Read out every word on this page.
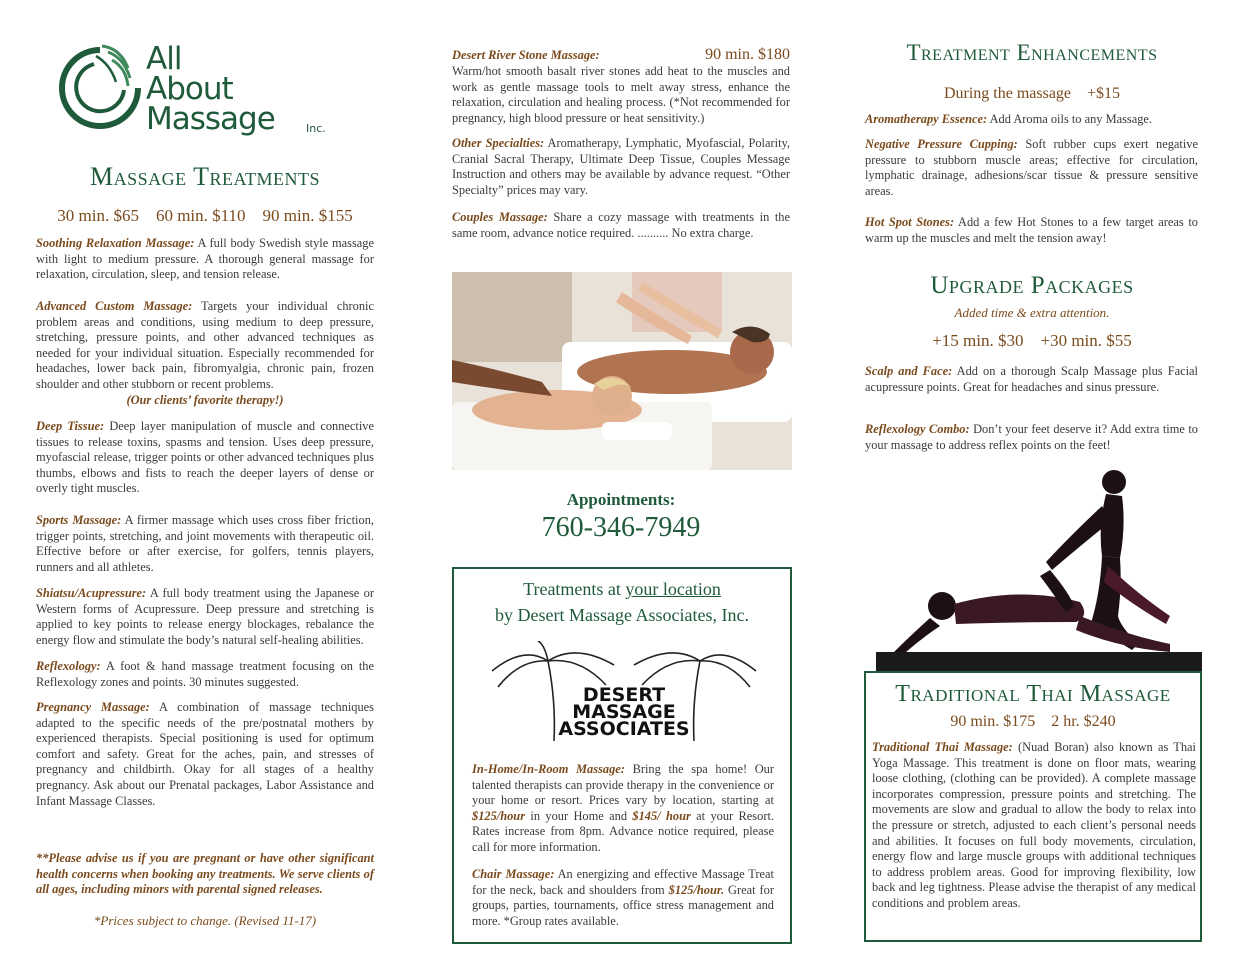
All
About
Massage	Inc.
Massage Treatments
30 min. $65    60 min. $110    90 min. $155
Soothing Relaxation Massage: A full body Swedish style massage with light to medium pressure. A thorough general massage for relaxation, circulation, sleep, and tension release.
Advanced Custom Massage: Targets your individual chronic problem areas and conditions, using medium to deep pressure, stretching, pressure points, and other advanced techniques as needed for your individual situation. Especially recommended for headaches, lower back pain, fibromyalgia, chronic pain, frozen shoulder and other stubborn or recent problems.
(Our clients’ favorite therapy!)
Deep Tissue: Deep layer manipulation of muscle and connective tissues to release toxins, spasms and tension. Uses deep pressure, myofascial release, trigger points or other advanced techniques plus thumbs, elbows and fists to reach the deeper layers of dense or overly tight muscles.
Sports Massage: A firmer massage which uses cross fiber friction, trigger points, stretching, and joint movements with therapeutic oil. Effective before or after exercise, for golfers, tennis players, runners and all athletes.
Shiatsu/Acupressure: A full body treatment using the Japanese or Western forms of Acupressure. Deep pressure and stretching is applied to key points to release energy blockages, rebalance the energy flow and stimulate the body’s natural self-healing abilities.
Reflexology: A foot & hand massage treatment focusing on the Reflexology zones and points. 30 minutes suggested.
Pregnancy Massage: A combination of massage techniques adapted to the specific needs of the pre/postnatal mothers by experienced therapists. Special positioning is used for optimum comfort and safety. Great for the aches, pain, and stresses of pregnancy and childbirth. Okay for all stages of a healthy pregnancy. Ask about our Prenatal packages, Labor Assistance and Infant Massage Classes.
**Please advise us if you are pregnant or have other significant health concerns when booking any treatments. We serve clients of all ages, including minors with parental signed releases.
*Prices subject to change. (Revised 11-17)
Desert River Stone Massage:	90 min. $180
Warm/hot smooth basalt river stones add heat to the muscles and work as gentle massage tools to melt away stress, enhance the relaxation, circulation and healing process. (*Not recommended for pregnancy, high blood pressure or heat sensitivity.)
Other Specialties: Aromatherapy, Lymphatic, Myofascial, Polarity, Cranial Sacral Therapy, Ultimate Deep Tissue, Couples Message Instruction and others may be available by advance request. “Other Specialty” prices may vary.
Couples Massage: Share a cozy massage with treatments in the same room, advance notice required. .......... No extra charge.
Appointments:
760-346-7949
Treatments at your location
by Desert Massage Associates, Inc.
DESERT
MASSAGE
ASSOCIATES
In-Home/In-Room Massage: Bring the spa home! Our talented therapists can provide therapy in the convenience or your home or resort. Prices vary by location, starting at $125/hour in your Home and $145/ hour at your Resort. Rates increase from 8pm. Advance notice required, please call for more information.
Chair Massage: An energizing and effective Massage Treat for the neck, back and shoulders from $125/hour. Great for groups, parties, tournaments, office stress management and more. *Group rates available.
Treatment Enhancements
During the massage +$15
Aromatherapy Essence: Add Aroma oils to any Massage.
Negative Pressure Cupping: Soft rubber cups exert negative pressure to stubborn muscle areas; effective for circulation, lymphatic drainage, adhesions/scar tissue & pressure sensitive areas.
Hot Spot Stones: Add a few Hot Stones to a few target areas to warm up the muscles and melt the tension away!
Upgrade Packages
Added time & extra attention.
+15 min. $30    +30 min. $55
Scalp and Face: Add on a thorough Scalp Massage plus Facial acupressure points. Great for headaches and sinus pressure.
Reflexology Combo: Don’t your feet deserve it? Add extra time to your massage to address reflex points on the feet!
Traditional Thai Massage
90 min. $175    2 hr. $240
Traditional Thai Massage: (Nuad Boran) also known as Thai Yoga Massage. This treatment is done on floor mats, wearing loose clothing, (clothing can be provided). A complete massage incorporates compression, pressure points and stretching. The movements are slow and gradual to allow the body to relax into the pressure or stretch, adjusted to each client’s personal needs and abilities. It focuses on full body movements, circulation, energy flow and large muscle groups with additional techniques to address problem areas. Good for improving flexibility, low back and leg tightness. Please advise the therapist of any medical conditions and problem areas.
